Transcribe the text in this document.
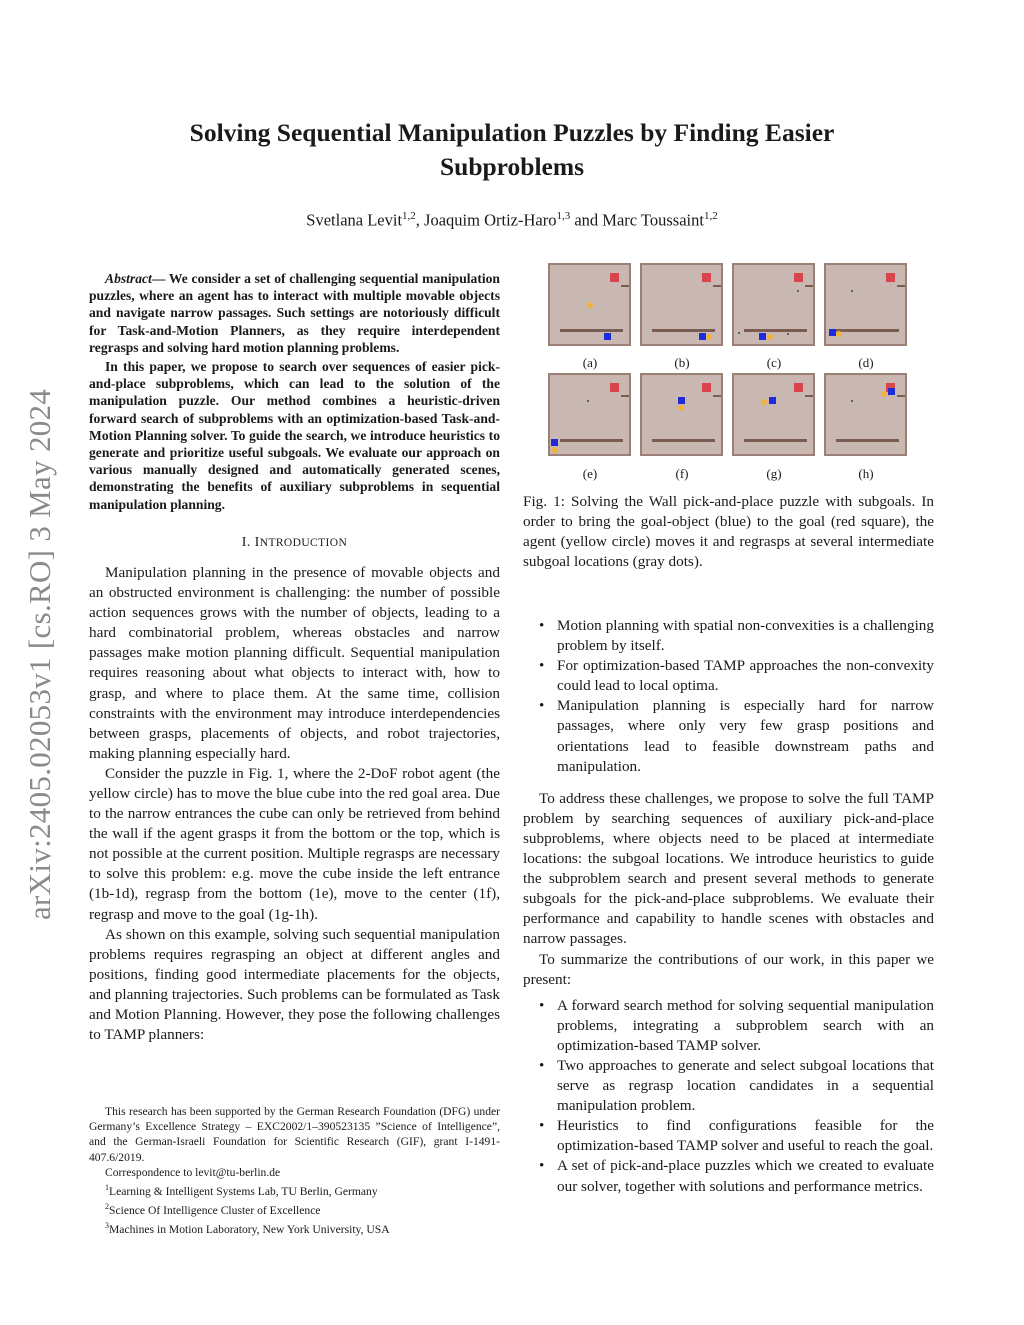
arXiv:2405.02053v1 [cs.RO] 3 May 2024
Solving Sequential Manipulation Puzzles by Finding Easier Subproblems
Svetlana Levit$^{1,2}$, Joaquim Ortiz-Haro$^{1,3}$ and Marc Toussaint$^{1,2}$

Abstract— We consider a set of challenging sequential manipulation puzzles, where an agent has to interact with multiple movable objects and navigate narrow passages. Such settings are notoriously difficult for Task-and-Motion Planners, as they require interdependent regrasps and solving hard motion planning problems.

In this paper, we propose to search over sequences of easier pick-and-place subproblems, which can lead to the solution of the manipulation puzzle. Our method combines a heuristic-driven forward search of subproblems with an optimization-based Task-and-Motion Planning solver. To guide the search, we introduce heuristics to generate and prioritize useful subgoals. We evaluate our approach on various manually designed and automatically generated scenes, demonstrating the benefits of auxiliary subproblems in sequential manipulation planning.

I. INTRODUCTION

Manipulation planning in the presence of movable objects and an obstructed environment is challenging: the number of possible action sequences grows with the number of objects, leading to a hard combinatorial problem, whereas obstacles and narrow passages make motion planning difficult. Sequential manipulation requires reasoning about what objects to interact with, how to grasp, and where to place them. At the same time, collision constraints with the environment may introduce interdependencies between grasps, placements of objects, and robot trajectories, making planning especially hard.

Consider the puzzle in Fig. 1, where the 2-DoF robot agent (the yellow circle) has to move the blue cube into the red goal area. Due to the narrow entrances the cube can only be retrieved from behind the wall if the agent grasps it from the bottom or the top, which is not possible at the current position. Multiple regrasps are necessary to solve this problem: e.g. move the cube inside the left entrance (1b-1d), regrasp from the bottom (1e), move to the center (1f), regrasp and move to the goal (1g-1h).

As shown on this example, solving such sequential manipulation problems requires regrasping an object at different angles and positions, finding good intermediate placements for the objects, and planning trajectories. Such problems can be formulated as Task and Motion Planning. However, they pose the following challenges to TAMP planners:

This research has been supported by the German Research Foundation (DFG) under Germany’s Excellence Strategy – EXC2002/1–390523135 ”Science of Intelligence”, and the German-Israeli Foundation for Scientific Research (GIF), grant I-1491-407.6/2019.

Correspondence to levit@tu-berlin.de

$^1$Learning & Intelligent Systems Lab, TU Berlin, Germany

$^2$Science Of Intelligence Cluster of Excellence

$^3$Machines in Motion Laboratory, New York University, USA

(a)	(b)	(c)	(d)
(e)	(f)	(g)	(h)
Fig. 1: Solving the Wall pick-and-place puzzle with subgoals. In order to bring the goal-object (blue) to the goal (red square), the agent (yellow circle) moves it and regrasps at several intermediate subgoal locations (gray dots).
• Motion planning with spatial non-convexities is a challenging problem by itself.
• For optimization-based TAMP approaches the non-convexity could lead to local optima.
• Manipulation planning is especially hard for narrow passages, where only very few grasp positions and orientations lead to feasible downstream paths and manipulation.

To address these challenges, we propose to solve the full TAMP problem by searching sequences of auxiliary pick-and-place subproblems, where objects need to be placed at intermediate locations: the subgoal locations. We introduce heuristics to guide the subproblem search and present several methods to generate subgoals for the pick-and-place subproblems. We evaluate their performance and capability to handle scenes with obstacles and narrow passages.

To summarize the contributions of our work, in this paper we present:

• A forward search method for solving sequential manipulation problems, integrating a subproblem search with an optimization-based TAMP solver.
• Two approaches to generate and select subgoal locations that serve as regrasp location candidates in a sequential manipulation problem.
• Heuristics to find configurations feasible for the optimization-based TAMP solver and useful to reach the goal.
• A set of pick-and-place puzzles which we created to evaluate our solver, together with solutions and performance metrics.
